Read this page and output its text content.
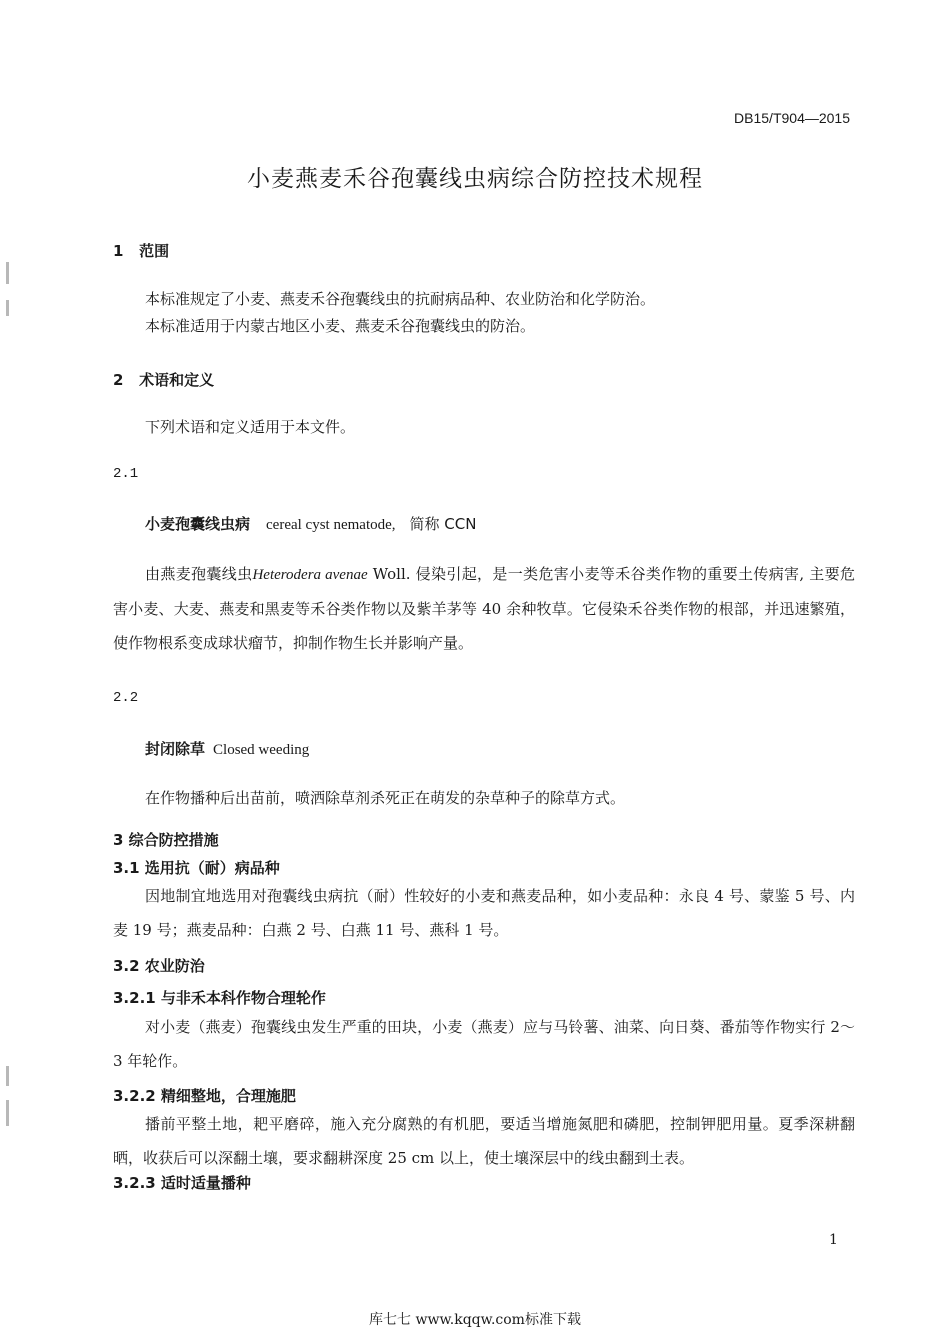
DB15/T904—2015
小麦燕麦禾谷孢囊线虫病综合防控技术规程
1 范围
本标准规定了小麦、燕麦禾谷孢囊线虫的抗耐病品种、农业防治和化学防治。
本标准适用于内蒙古地区小麦、燕麦禾谷孢囊线虫的防治。
2 术语和定义
下列术语和定义适用于本文件。
2.1
小麦孢囊线虫病 cereal cyst nematode, 简称 CCN
由燕麦孢囊线虫Heterodera avenae Woll. 侵染引起，是一类危害小麦等禾谷类作物的重要土传病害, 主要危害小麦、大麦、燕麦和黑麦等禾谷类作物以及紫羊茅等 40 余种牧草。它侵染禾谷类作物的根部，并迅速繁殖，使作物根系变成球状瘤节，抑制作物生长并影响产量。
2.2
封闭除草 Closed weeding
在作物播种后出苗前，喷洒除草剂杀死正在萌发的杂草种子的除草方式。
3 综合防控措施
3.1 选用抗（耐）病品种
因地制宜地选用对孢囊线虫病抗（耐）性较好的小麦和燕麦品种，如小麦品种：永良 4 号、蒙鉴 5 号、内麦 19 号；燕麦品种：白燕 2 号、白燕 11 号、燕科 1 号。
3.2 农业防治
3.2.1 与非禾本科作物合理轮作
对小麦（燕麦）孢囊线虫发生严重的田块，小麦（燕麦）应与马铃薯、油菜、向日葵、番茄等作物实行 2～3 年轮作。
3.2.2 精细整地，合理施肥
播前平整土地，耙平磨碎，施入充分腐熟的有机肥，要适当增施氮肥和磷肥，控制钾肥用量。夏季深耕翻晒，收获后可以深翻土壤，要求翻耕深度 25 cm 以上，使土壤深层中的线虫翻到土表。
3.2.3 适时适量播种
1
库七七 www.kqqw.com标准下载
